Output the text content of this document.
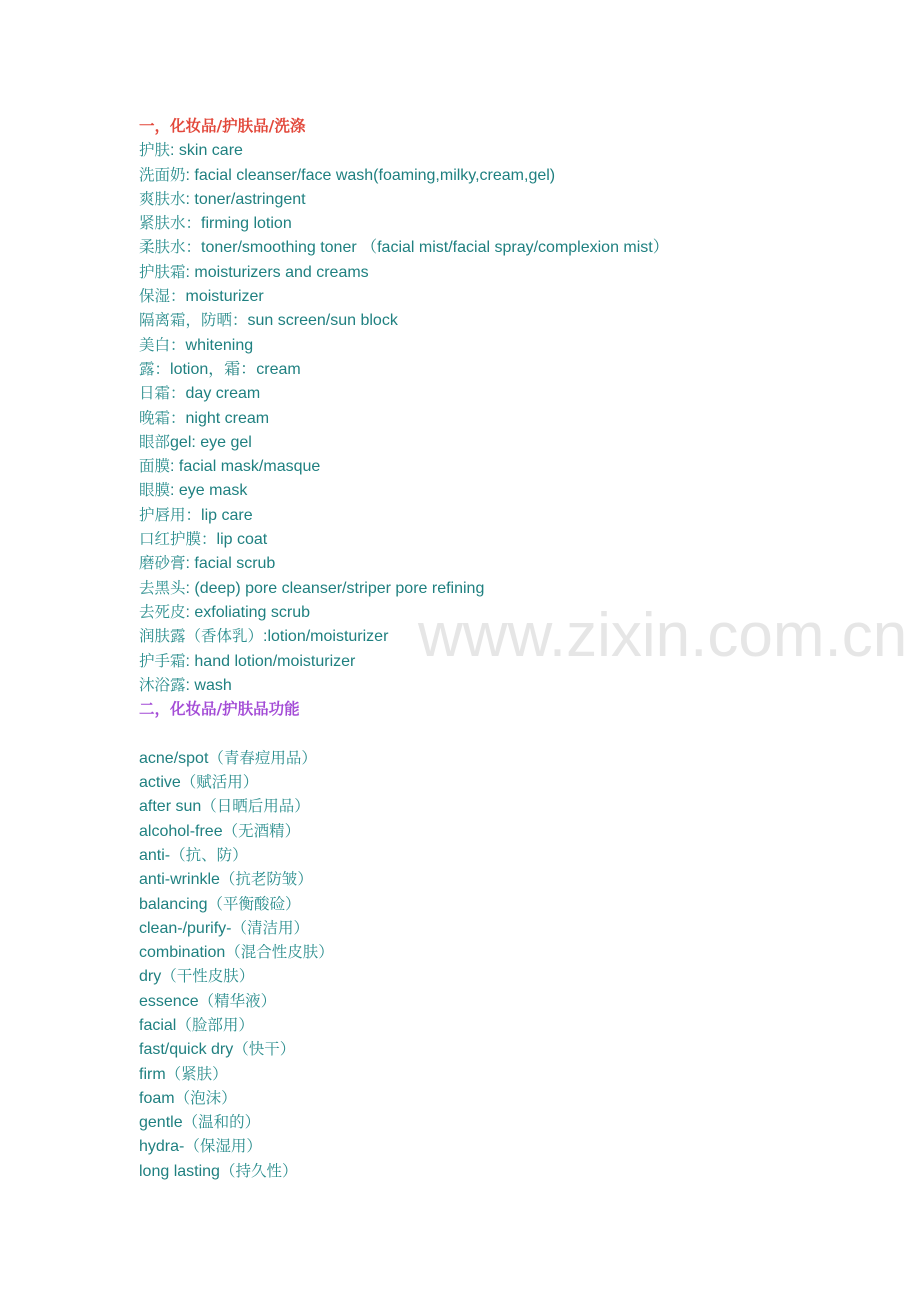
www.zixin.com.cn
一，化妆品/护肤品/洗涤
护肤: skin care
洗面奶: facial cleanser/face wash(foaming,milky,cream,gel)
爽肤水: toner/astringent
紧肤水：firming lotion
柔肤水：toner/smoothing toner （facial mist/facial spray/complexion mist）
护肤霜: moisturizers and creams
保湿：moisturizer
隔离霜，防晒：sun screen/sun block
美白：whitening
露：lotion，霜：cream
日霜：day cream
晚霜：night cream
眼部gel: eye gel
面膜: facial mask/masque
眼膜: eye mask
护唇用：lip care
口红护膜：lip coat
磨砂膏: facial scrub
去黑头: (deep) pore cleanser/striper pore refining
去死皮: exfoliating scrub
润肤露（香体乳）:lotion/moisturizer
护手霜: hand lotion/moisturizer
沐浴露: wash
二，化妆品/护肤品功能
acne/spot（青春痘用品）
active（赋活用）
after sun（日晒后用品）
alcohol-free（无酒精）
anti-（抗、防）
anti-wrinkle（抗老防皱）
balancing（平衡酸硷）
clean-/purify-（清洁用）
combination（混合性皮肤）
dry（干性皮肤）
essence（精华液）
facial（脸部用）
fast/quick dry（快干）
firm（紧肤）
foam（泡沫）
gentle（温和的）
hydra-（保湿用）
long lasting（持久性）
